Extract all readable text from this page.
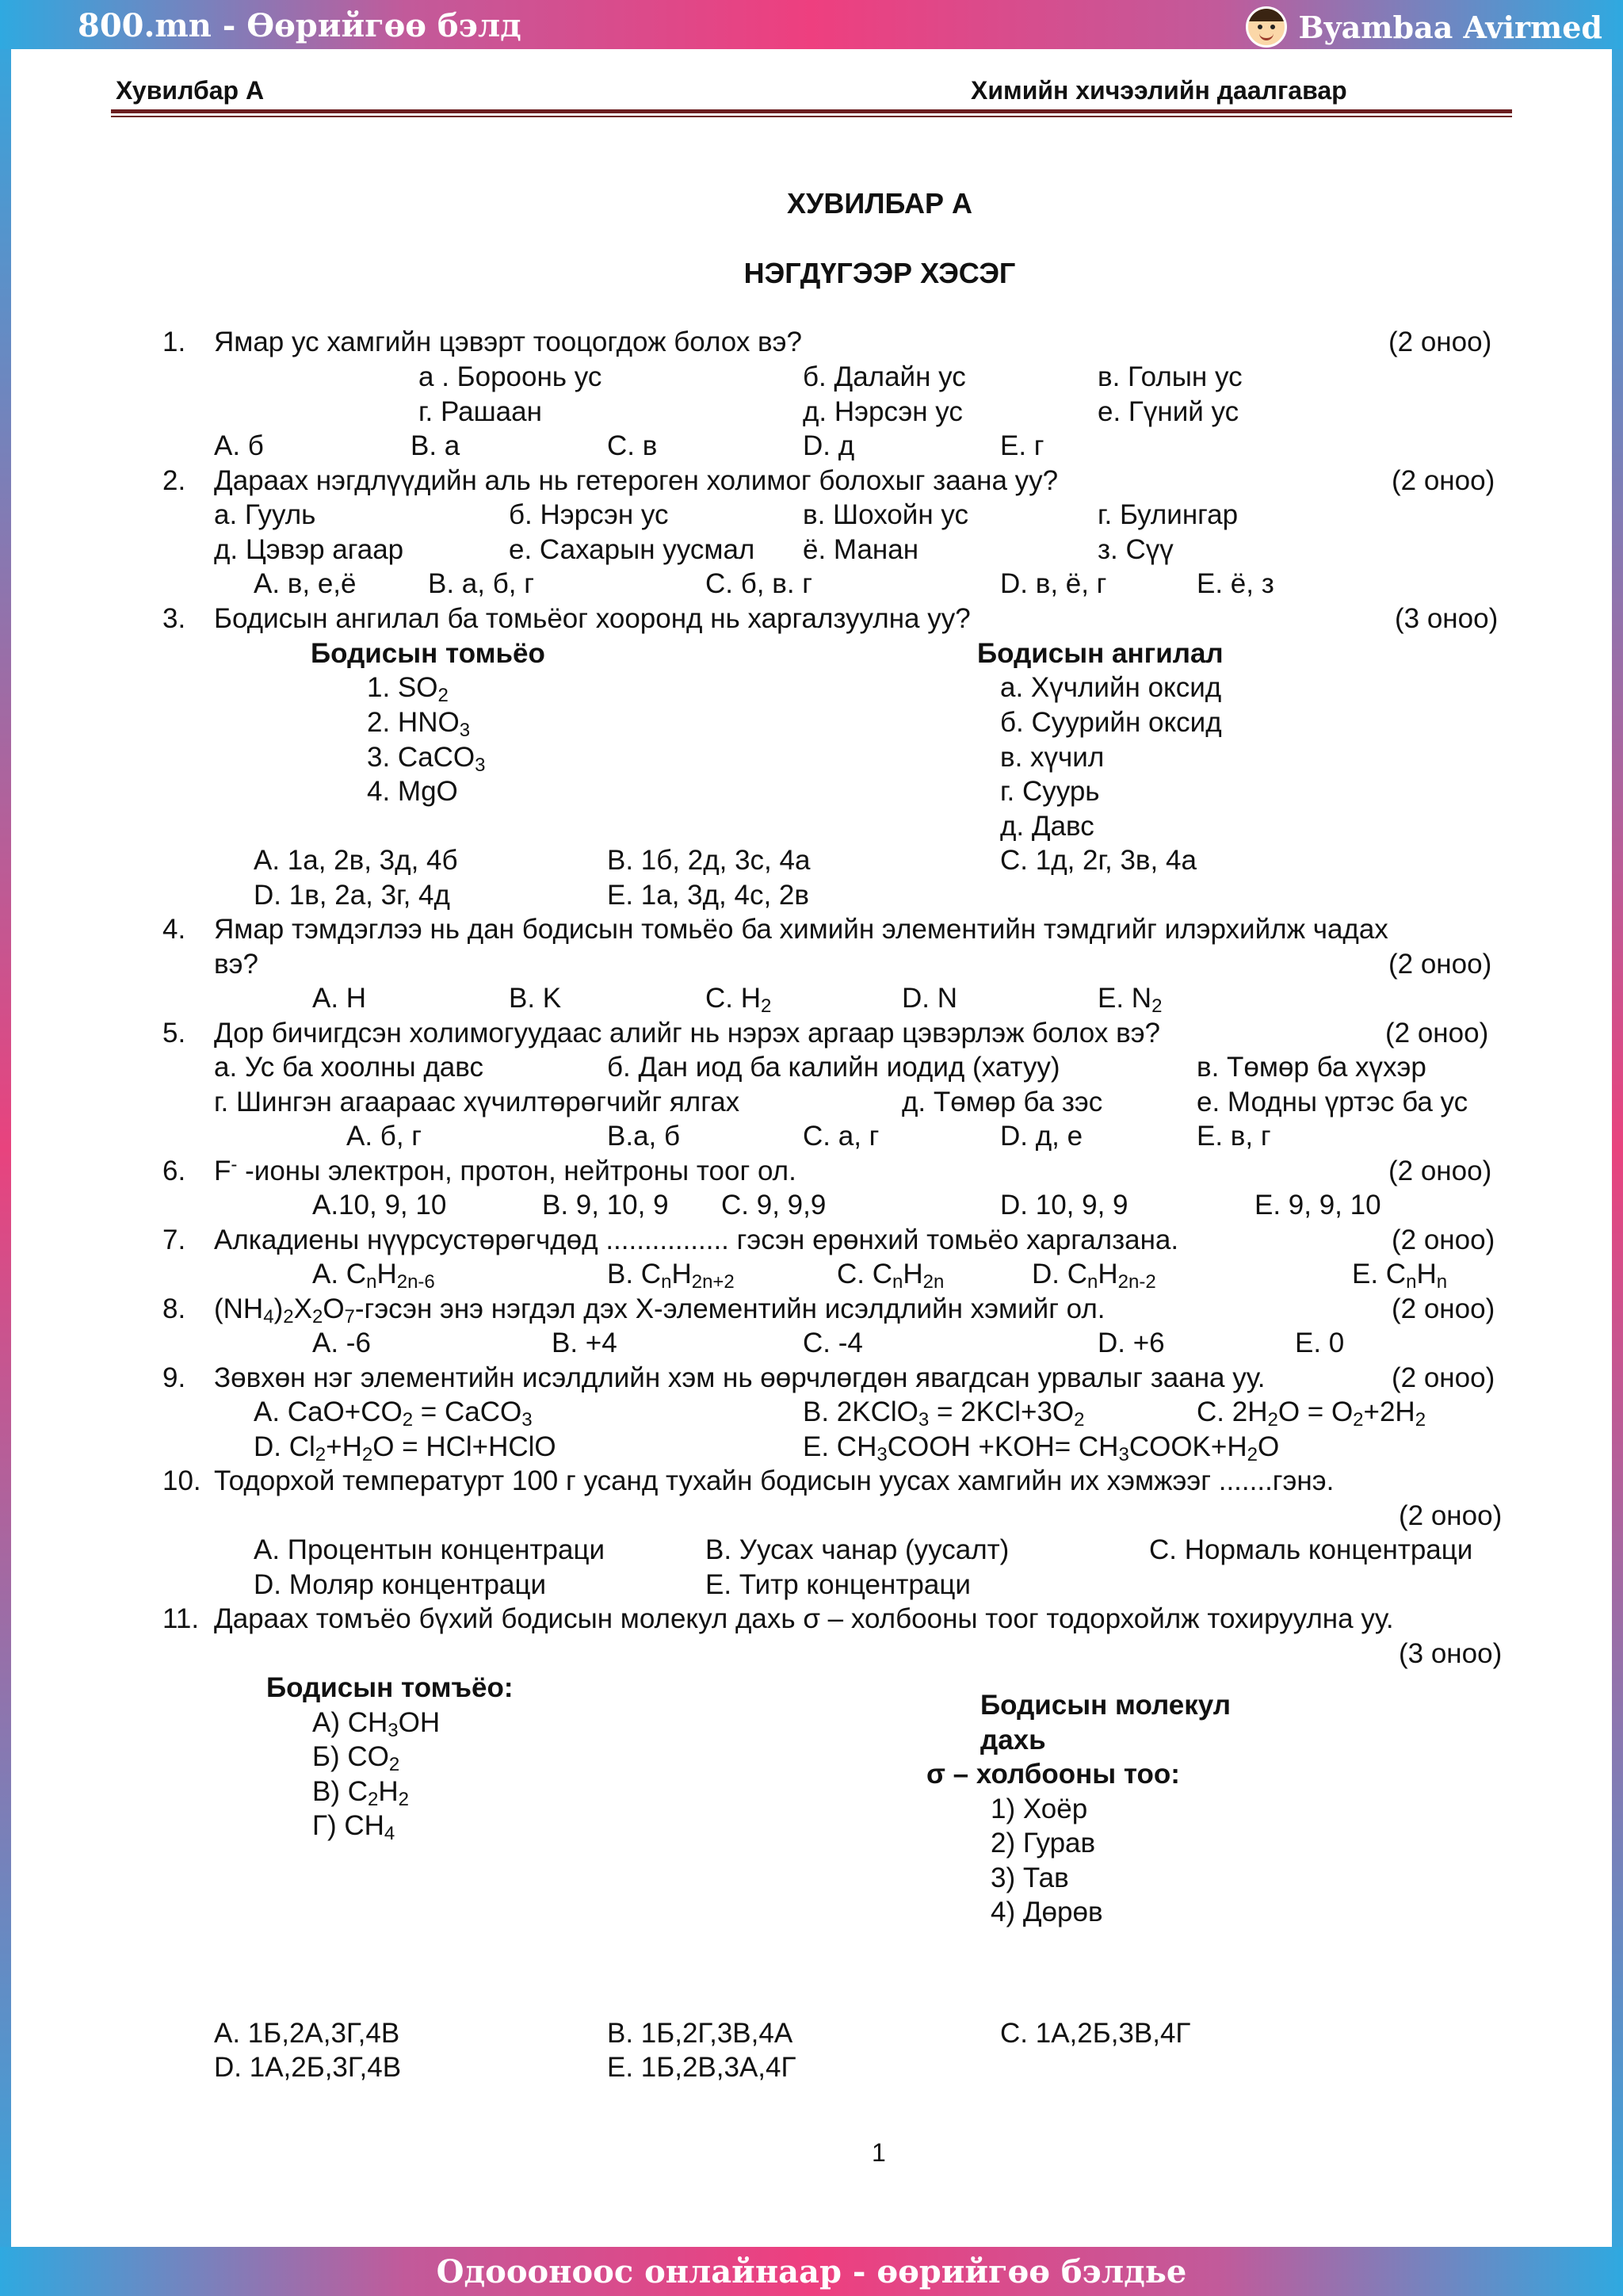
800.mn - Өөрийгөө бэлд	Byambaa Avirmed
Хувилбар А	Химийн хичээлийн даалгавар
ХУВИЛБАР А
НЭГДҮГЭЭР ХЭСЭГ
1. Ямар ус хамгийн цэвэрт тооцогдож болох вэ?	(2 оноо)
а . Бороонь ус	б. Далайн ус	в. Голын ус
г. Рашаан	д. Нэрсэн ус	е. Гүний ус
A. б	B. а	C. в	D. д	E. г
2. Дараах нэгдлүүдийн аль нь гетероген холимог болохыг заана уу?	(2 оноо)
а. Гууль	б. Нэрсэн ус	в. Шохойн ус	г. Булингар
д. Цэвэр агаар	е. Сахарын уусмал ё. Манан	з. Сүү
A. в, е,ё	B. а, б, г	C. б, в. г	D. в, ё, г	E. ё, з
3. Бодисын ангилал ба томьёог хооронд нь харгалзуулна уу?	(3 оноо)
Бодисын томьёо	Бодисын ангилал
1. $SO_2$
2. $HNO_3$
3. CaCO$_3$
4. MgO
а. Хүчлийн оксид
б. Суурийн оксид
в. хүчил
г. Суурь
д. Давс
A. 1а, 2в, 3д, 4б	B. 1б, 2д, 3с, 4а	C. 1д, 2г, 3в, 4а
D. 1в, 2а, 3г, 4д	E. 1а, 3д, 4с, 2в
4. Ямар тэмдэглээ нь дан бодисын томьёо ба химийн элементийн тэмдгийг илэрхийлж чадах
вэ?	(2 оноо)
A. H	B. K	C. $H_2$	D. N	E. $N_2$
5. Дор бичигдсэн холимогуудаас алийг нь нэрэх аргаар цэвэрлэж болох вэ?	(2 оноо)
а. Ус ба хоолны давс	б. Дан иод ба калийн иодид (хатуу)	в. Төмөр ба хүхэр
г. Шингэн агаараас хүчилтөрөгчийг ялгах	д. Төмөр ба зэс	е. Модны үртэс ба ус
A. б, г	B.а, б	C. а, г	D. д, е	E. в, г
6. F- -ионы электрон, протон, нейтроны тоог ол.	(2 оноо)
A.10, 9, 10	B. 9, 10, 9 C. 9, 9,9	D. 10, 9, 9	E. 9, 9, 10
7. Алкадиены нүүрсустөрөгчдөд ................ гэсэн ерөнхий томьёо харгалзана.	(2 оноо)
A. $C_nH_{2n-6}$	B. $C_nH_{2n+2}$	C. $C_nH_{2n}$	D. $C_nH_{2n-2}$	E. $C_nH_n$
8. $(NH_4)_2X_2O_7$-гэсэн энэ нэгдэл дэх X-элементийн исэлдлийн хэмийг ол.	(2 оноо)
A. -6	B. +4	C. -4	D. +6	E. 0
9. Зөвхөн нэг элементийн исэлдлийн хэм нь өөрчлөгдөн явагдсан урвалыг заана уу.	(2 оноо)
A. $CaO+CO_2$ = CaCO$_3$	B. 2KClO$_3$ = $2KCl+3O_2$	C. $2H_2O = O_2+2H_2$
D. $Cl_2+H_2O$ = HCl+HClO	E. $CH_3COOH +KOH=$ $CH_3COOK+H_2O$
10. Тодорхой температурт 100 г усанд тухайн бодисын уусах хамгийн их хэмжээг .......гэнэ.
(2 оноо)
A. Процентын концентраци	B. Уусах чанар (уусалт)	C. Нормаль концентраци
D. Моляр концентраци	E. Титр концентраци
11. Дараах томъёо бүхий бодисын молекул дахь σ – холбооны тоог тодорхойлж тохируулна уу.
(3 оноо)
Бодисын томъёо:
А) $CH_3OH$
Б) $CO_2$
В) $C_2H_2$
Г) $CH_4$
Бодисын молекул
дахь
σ – холбооны тоо:
1) Хоёр
2) Гурав
3) Тав
4) Дөрөв
A. 1Б,2А,3Г,4В	B. 1Б,2Г,3В,4А	C. 1А,2Б,3В,4Г
D. 1А,2Б,3Г,4В	E. 1Б,2В,3А,4Г
1
Одоооноос онлайнаар - өөрийгөө бэлдье
